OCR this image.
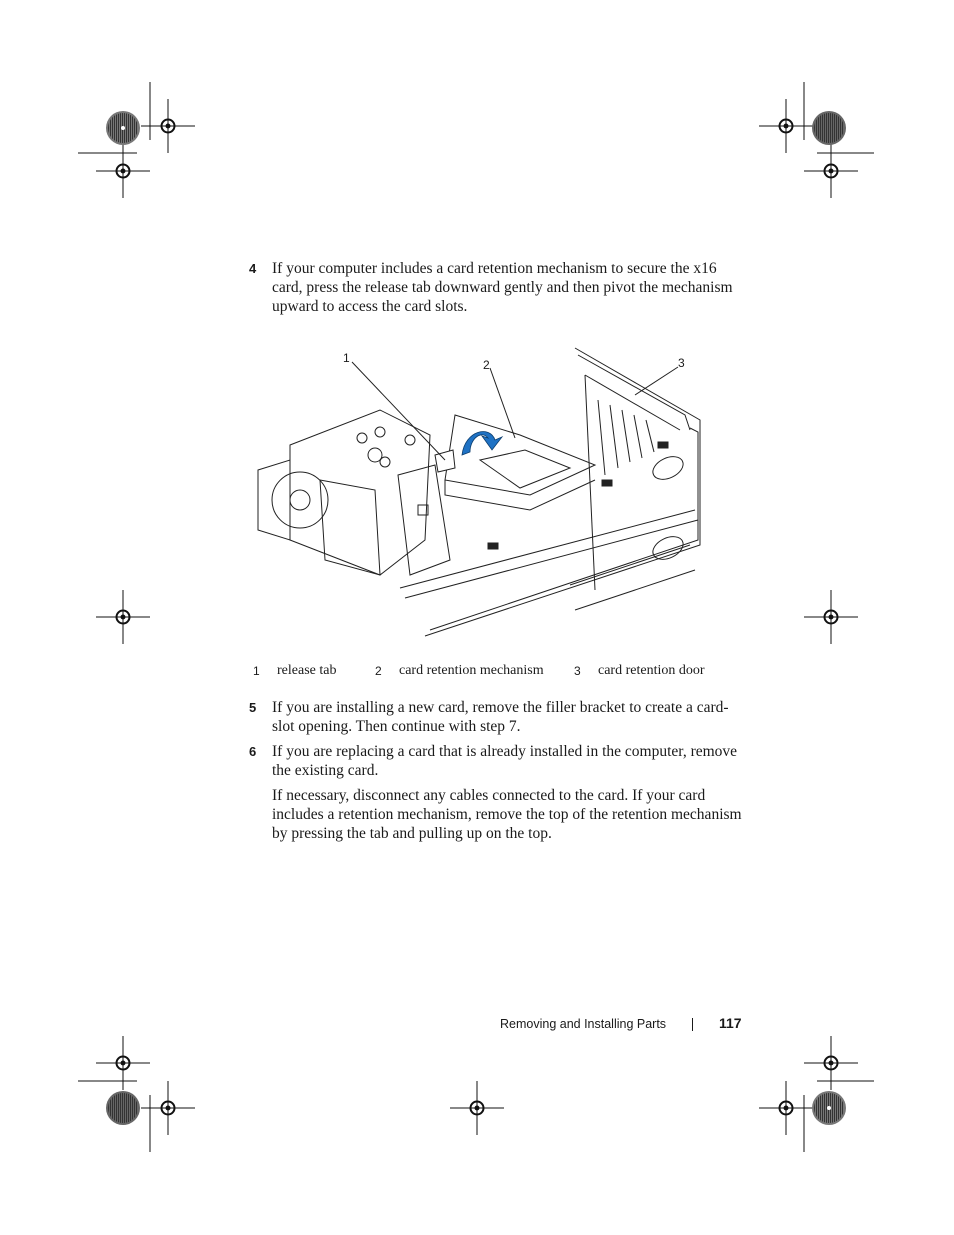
4 If your computer includes a card retention mechanism to secure the x16 card, press the release tab downward gently and then pivot the mechanism upward to access the card slots.
1	2	3
1 release tab	2 card retention mechanism	3 card retention door
5 If you are installing a new card, remove the filler bracket to create a card-slot opening. Then continue with step 7.
6 If you are replacing a card that is already installed in the computer, remove the existing card.
If necessary, disconnect any cables connected to the card. If your card includes a retention mechanism, remove the top of the retention mechanism by pressing the tab and pulling up on the top.
Removing and Installing Parts	117
